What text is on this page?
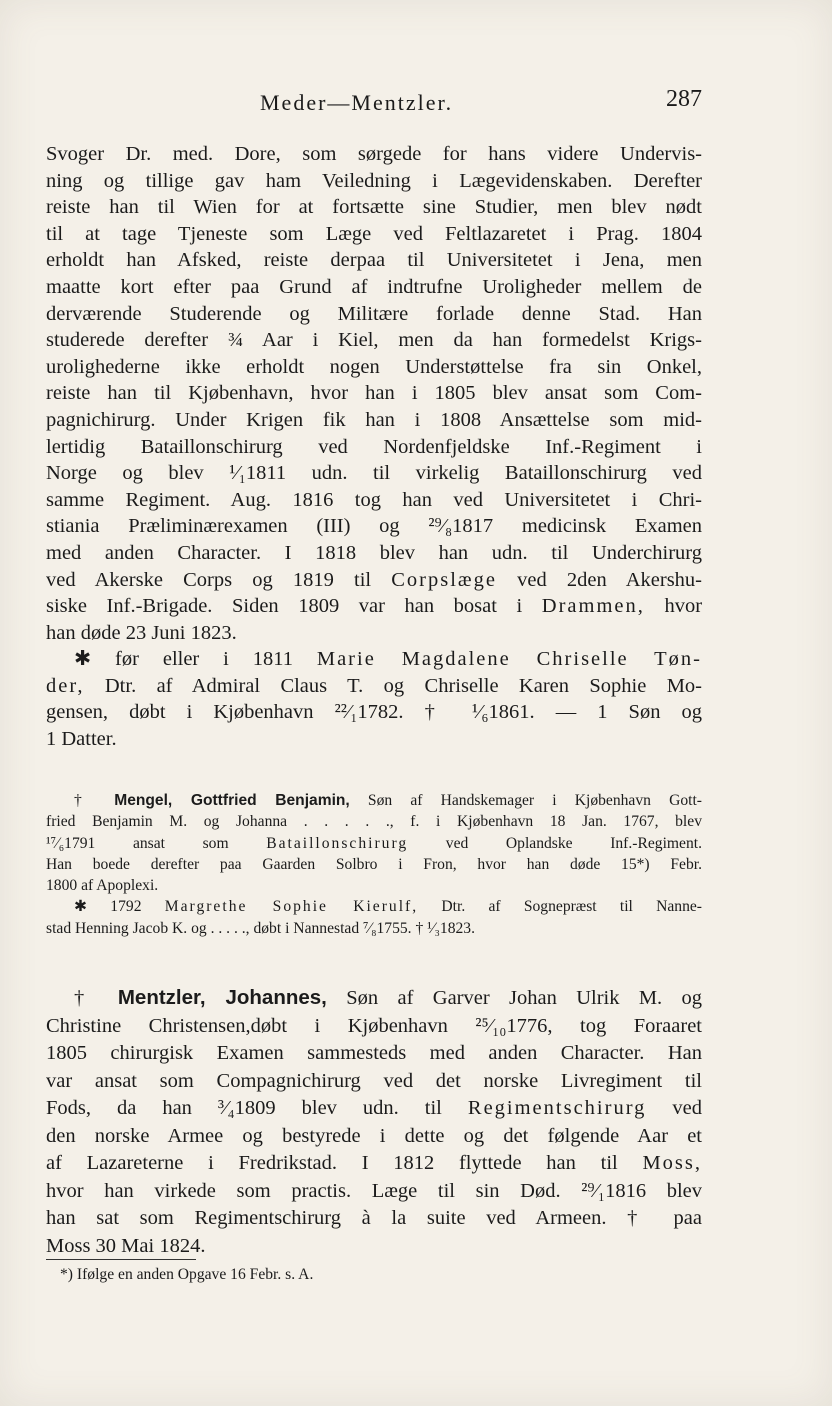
Meder—Mentzler.	287

Svoger Dr. med. Dore, som sørgede for hans videre Undervis-

ning og tillige gav ham Veiledning i Lægevidenskaben. Derefter

reiste han til Wien for at fortsætte sine Studier, men blev nødt

til at tage Tjeneste som Læge ved Feltlazaretet i Prag. 1804

erholdt han Afsked, reiste derpaa til Universitetet i Jena, men

maatte kort efter paa Grund af indtrufne Uroligheder mellem de

derværende Studerende og Militære forlade denne Stad. Han

studerede derefter ¾ Aar i Kiel, men da han formedelst Krigs-

urolighederne ikke erholdt nogen Understøttelse fra sin Onkel,

reiste han til Kjøbenhavn, hvor han i 1805 blev ansat som Com-

pagnichirurg. Under Krigen fik han i 1808 Ansættelse som mid-

lertidig Bataillonschirurg ved Nordenfjeldske Inf.-Regiment i

Norge og blev ¹⁄₁1811 udn. til virkelig Bataillonschirurg ved

samme Regiment. Aug. 1816 tog han ved Universitetet i Chri-

stiania Præliminærexamen (III) og ²⁹⁄₈1817 medicinsk Examen

med anden Character. I 1818 blev han udn. til Underchirurg

ved Akerske Corps og 1819 til Corpslæge ved 2den Akershu-

siske Inf.-Brigade. Siden 1809 var han bosat i Drammen, hvor

han døde 23 Juni 1823.

✱ før eller i 1811 Marie Magdalene Chriselle Tøn-

der, Dtr. af Admiral Claus T. og Chriselle Karen Sophie Mo-

gensen, døbt i Kjøbenhavn ²²⁄₁1782. † ¹⁄₆1861. — 1 Søn og

1 Datter.

† Mengel, Gottfried Benjamin, Søn af Handskemager i Kjøbenhavn Gott-

fried Benjamin M. og Johanna . . . . ., f. i Kjøbenhavn 18 Jan. 1767, blev

¹⁷⁄₆1791 ansat som Bataillonschirurg ved Oplandske Inf.-Regiment.

Han boede derefter paa Gaarden Solbro i Fron, hvor han døde 15*) Febr.

1800 af Apoplexi.

✱ 1792 Margrethe Sophie Kierulf, Dtr. af Sognepræst til Nanne-

stad Henning Jacob K. og . . . . ., døbt i Nannestad ⁷⁄₈1755. † ¹⁄₃1823.

† Mentzler, Johannes, Søn af Garver Johan Ulrik M. og

Christine Christensen,døbt i Kjøbenhavn ²⁵⁄₁₀1776, tog Foraaret

1805 chirurgisk Examen sammesteds med anden Character. Han

var ansat som Compagnichirurg ved det norske Livregiment til

Fods, da han ³⁄₄1809 blev udn. til Regimentschirurg ved

den norske Armee og bestyrede i dette og det følgende Aar et

af Lazareterne i Fredrikstad. I 1812 flyttede han til Moss,

hvor han virkede som practis. Læge til sin Død. ²⁹⁄₁1816 blev

han sat som Regimentschirurg à la suite ved Armeen. † paa

Moss 30 Mai 1824.

*) Ifølge en anden Opgave 16 Febr. s. A.
